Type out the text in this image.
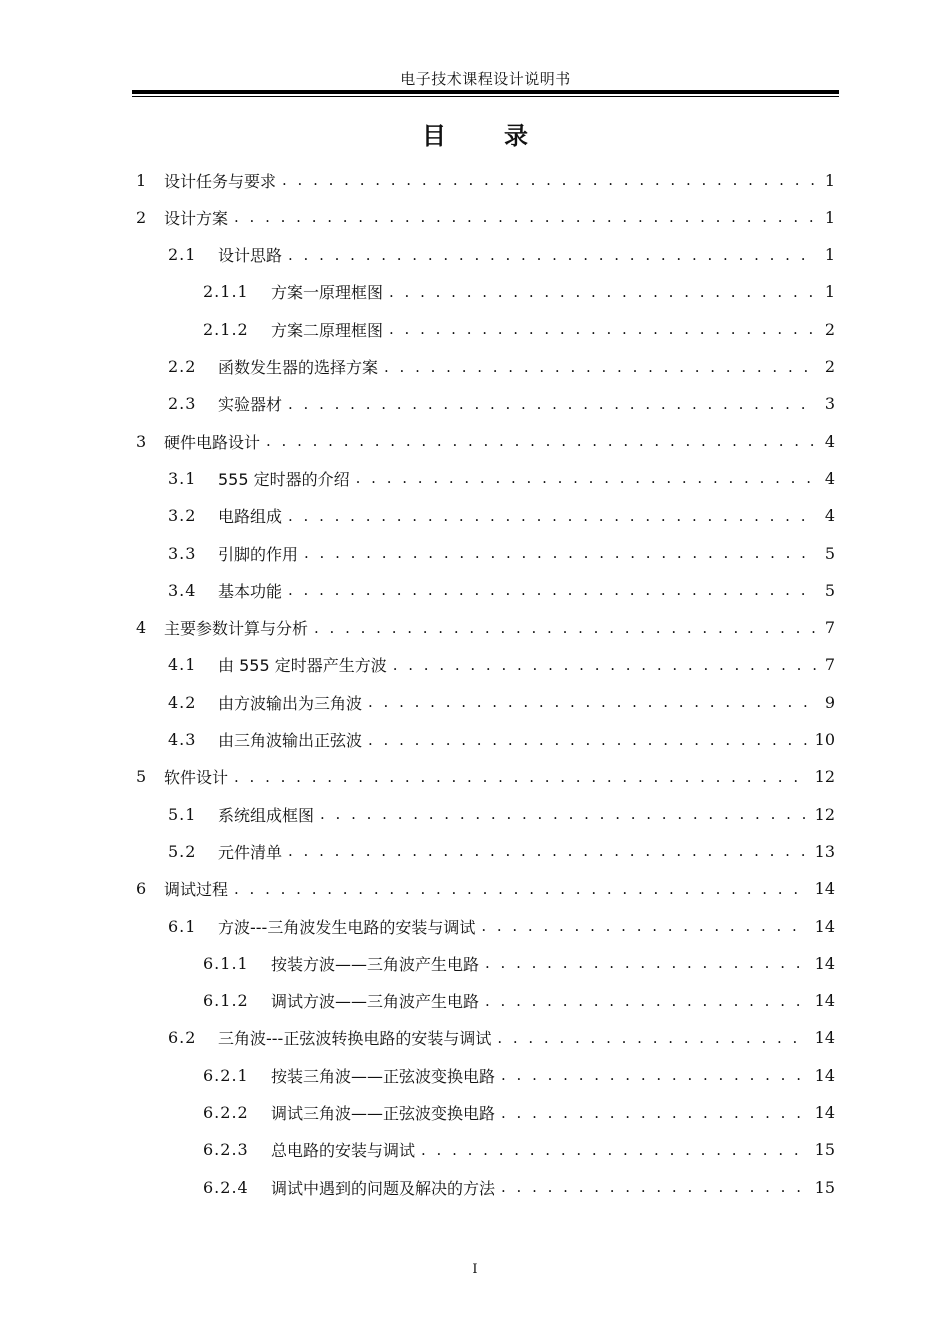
电子技术课程设计说明书
目录
1	设计任务与要求 . . .	1
2	设计方案 . . .	1
2.1	设计思路 . . .	1
2.1.1	方案一原理框图 . . .	1
2.1.2	方案二原理框图 . . .	2
2.2	函数发生器的选择方案 . . .	2
2.3	实验器材 . . .	3
3	硬件电路设计 . . .	4
3.1	555 定时器的介绍 . . .	4
3.2	电路组成 . . .	4
3.3	引脚的作用 . . .	5
3.4	基本功能 . . .	5
4	主要参数计算与分析 . . .	7
4.1	由 555 定时器产生方波 . . .	7
4.2	由方波输出为三角波 . . .	9
4.3	由三角波输出正弦波 . . .	10
5	软件设计 . . .	12
5.1	系统组成框图 . . .	12
5.2	元件清单 . . .	13
6	调试过程 . . .	14
6.1	方波---三角波发生电路的安装与调试 . . .	14
6.1.1	按装方波——三角波产生电路 . . .	14
6.1.2	调试方波——三角波产生电路 . . .	14
6.2	三角波---正弦波转换电路的安装与调试 . . .	14
6.2.1	按装三角波——正弦波变换电路 . . .	14
6.2.2	调试三角波——正弦波变换电路 . . .	14
6.2.3	总电路的安装与调试 . . .	15
6.2.4	调试中遇到的问题及解决的方法 . . .	15
I
